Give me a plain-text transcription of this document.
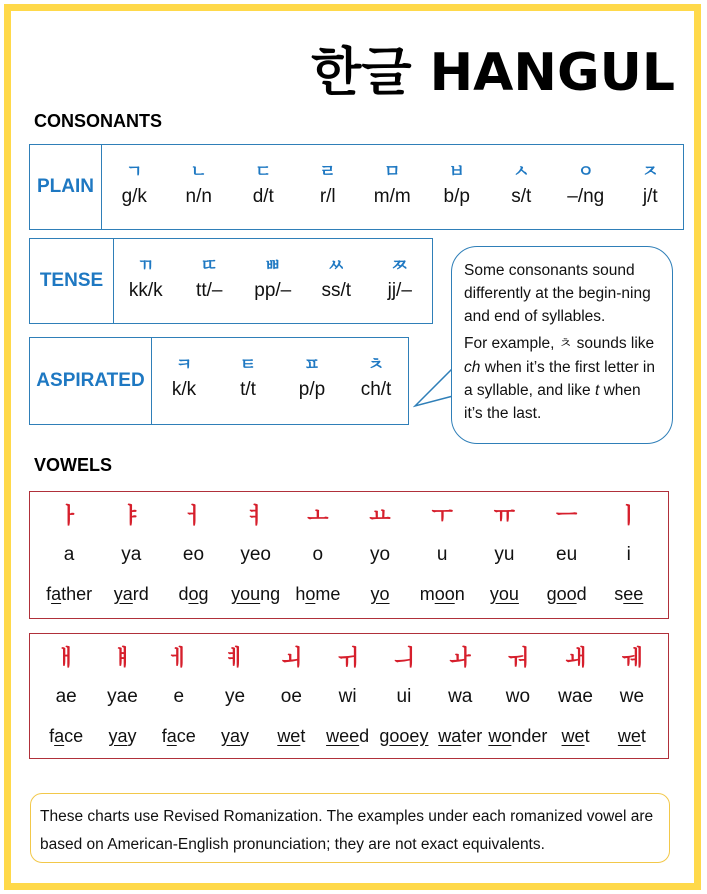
한글 HANGUL
CONSONANTS
PLAIN
ㄱ
g/k
ㄴ
n/n
ㄷ
d/t
ㄹ
r/l
ㅁ
m/m
ㅂ
b/p
ㅅ
s/t
ㅇ
–/ng
ㅈ
j/t
TENSE
ㄲ
kk/k
ㄸ
tt/–
ㅃ
pp/–
ㅆ
ss/t
ㅉ
jj/–
ASPIRATED
ㅋ
k/k
ㅌ
t/t
ㅍ
p/p
ㅊ
ch/t

Some consonants sound differently at the begin-ning and end of syllables.

For example, ㅊ sounds like ch when it’s the first letter in a syllable, and like t when it’s the last.

VOWELS
ㅏ
a
f a ther
ㅑ
ya
ya rd
ㅓ
eo
d o g
ㅕ
yeo
you ng
ㅗ
o
h o me
ㅛ
yo
yo
ㅜ
u
m oo n
ㅠ
yu
you
ㅡ
eu
g oo d
ㅣ
i
s ee
ㅐ
ae
f a ce
ㅒ
yae
ya y
ㅔ
e
f a ce
ㅖ
ye
ya y
ㅚ
oe
we t
ㅟ
wi
wee d
ㅢ
ui
g ooey
ㅘ
wa
wa ter
ㅝ
wo
wo nder
ㅙ
wae
we t
ㅞ
we
we t
These charts use Revised Romanization. The examples under each romanized vowel are based on American-English pronunciation; they are not exact equivalents.
